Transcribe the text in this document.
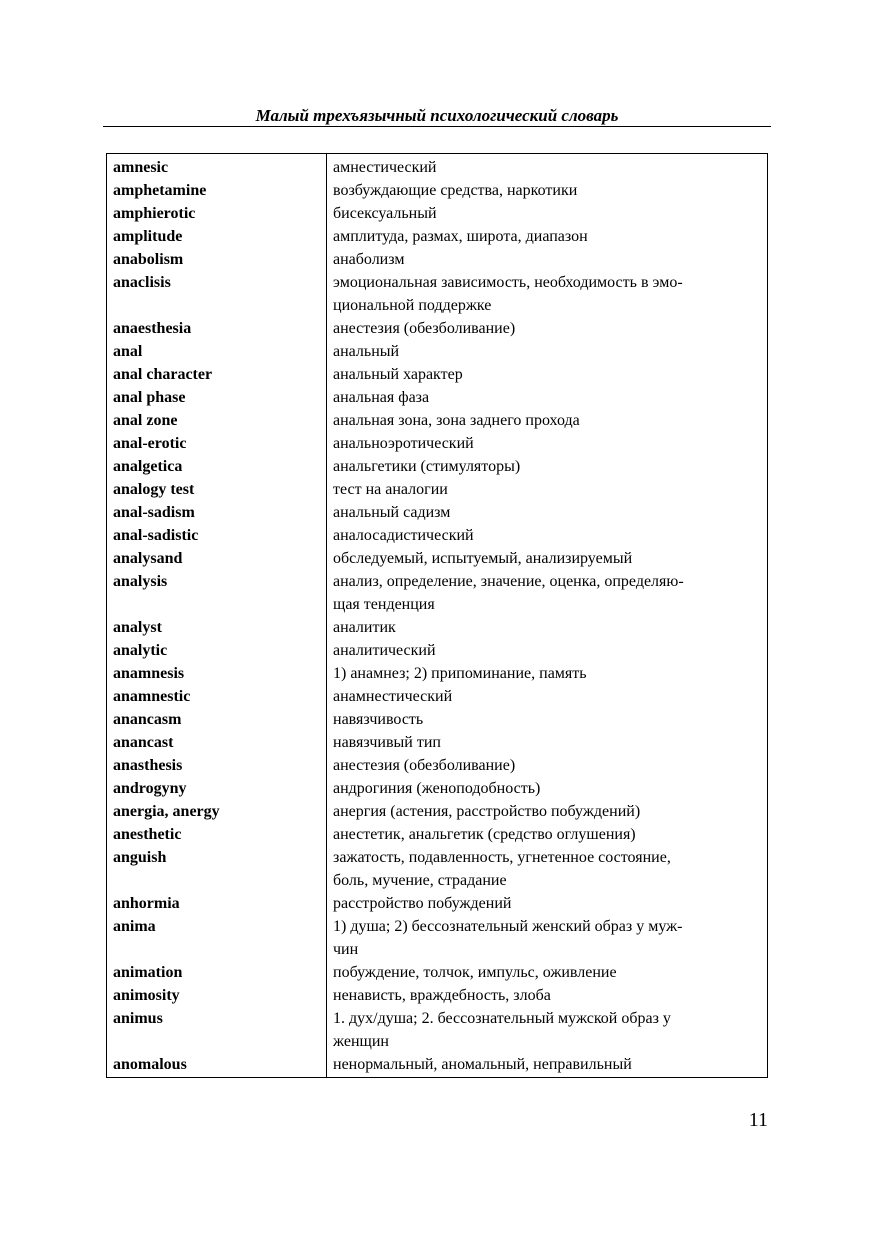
Малый трехъязычный психологический словарь
amnesic	амнестический

amphetamine	возбуждающие средства, наркотики

amphierotic	бисексуальный

amplitude	амплитуда, размах, широта, диапазон

anabolism	анаболизм

anaclisis	эмоциональная зависимость, необходимость в эмо-
циональной поддержке

anaesthesia	анестезия (обезболивание)

anal	анальный

anal character	анальный характер

anal phase	анальная фаза

anal zone	анальная зона, зона заднего прохода

anal-erotic	анальноэротический

analgetica	анальгетики (стимуляторы)

analogy test	тест на аналогии

anal-sadism	анальный садизм

anal-sadistic	аналосадистический

analysand	обследуемый, испытуемый, анализируемый

analysis	анализ, определение, значение, оценка, определяю-
щая тенденция

analyst	аналитик

analytic	аналитический

anamnesis	1) анамнез; 2) припоминание, память

anamnestic	анамнестический

anancasm	навязчивость

anancast	навязчивый тип

anasthesis	анестезия (обезболивание)

androgyny	андрогиния (женоподобность)

anergia, anergy	анергия (астения, расстройство побуждений)

anesthetic	анестетик, анальгетик (средство оглушения)

anguish	зажатость, подавленность, угнетенное состояние,
боль, мучение, страдание

anhormia	расстройство побуждений

anima	1) душа; 2) бессознательный женский образ у муж-
чин

animation	побуждение, толчок, импульс, оживление

animosity	ненависть, враждебность, злоба

animus	1. дух/душа; 2. бессознательный мужской образ у
женщин

anomalous	ненормальный, аномальный, неправильный
11
